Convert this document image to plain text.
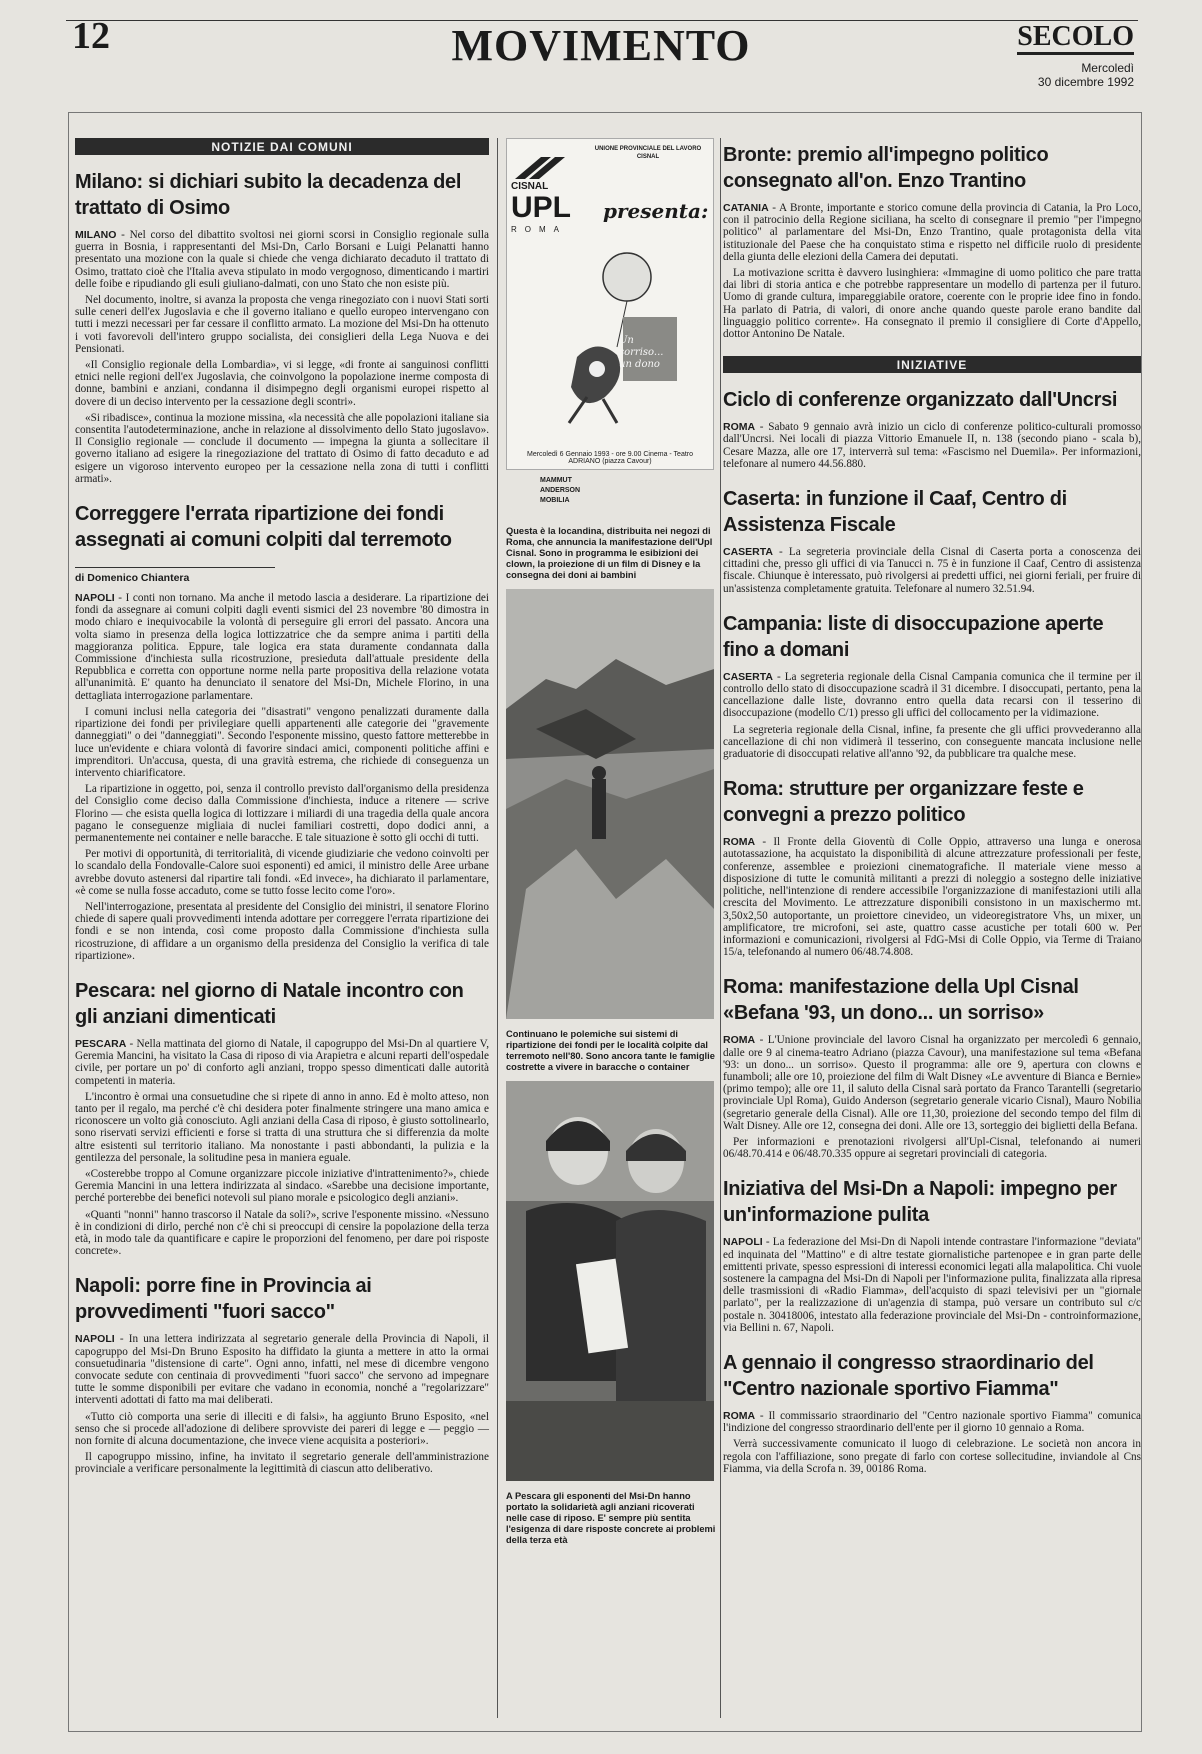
12	MOVIMENTO	SECOLO
Mercoledì
30 dicembre 1992
NOTIZIE DAI COMUNI
Milano: si dichiari subito la decadenza del trattato di Osimo

MILANO - Nel corso del dibattito svoltosi nei giorni scorsi in Consiglio regionale sulla guerra in Bosnia, i rappresentanti del Msi-Dn, Carlo Borsani e Luigi Pelanatti hanno presentato una mozione con la quale si chiede che venga dichiarato decaduto il trattato di Osimo, trattato cioè che l'Italia aveva stipulato in modo vergognoso, dimenticando i martiri delle foibe e ripudiando gli esuli giuliano-dalmati, con uno Stato che non esiste più.

Nel documento, inoltre, si avanza la proposta che venga rinegoziato con i nuovi Stati sorti sulle ceneri dell'ex Jugoslavia e che il governo italiano e quello europeo intervengano con tutti i mezzi necessari per far cessare il conflitto armato. La mozione del Msi-Dn ha ottenuto i voti favorevoli dell'intero gruppo socialista, dei consiglieri della Lega Nuova e dei Pensionati.

«Il Consiglio regionale della Lombardia», vi si legge, «di fronte ai sanguinosi conflitti etnici nelle regioni dell'ex Jugoslavia, che coinvolgono la popolazione inerme composta di donne, bambini e anziani, condanna il disimpegno degli organismi europei rispetto al dovere di un deciso intervento per la cessazione degli scontri».

«Si ribadisce», continua la mozione missina, «la necessità che alle popolazioni italiane sia consentita l'autodeterminazione, anche in relazione al dissolvimento dello Stato jugoslavo». Il Consiglio regionale — conclude il documento — impegna la giunta a sollecitare il governo italiano ad esigere la rinegoziazione del trattato di Osimo di fatto decaduto e ad esigere un vigoroso intervento europeo per la cessazione nella zona di tutti i conflitti armati».

Correggere l'errata ripartizione dei fondi assegnati ai comuni colpiti dal terremoto
di Domenico Chiantera

NAPOLI - I conti non tornano. Ma anche il metodo lascia a desiderare. La ripartizione dei fondi da assegnare ai comuni colpiti dagli eventi sismici del 23 novembre '80 dimostra in modo chiaro e inequivocabile la volontà di perseguire gli errori del passato. Ancora una volta siamo in presenza della logica lottizzatrice che da sempre anima i partiti della maggioranza politica. Eppure, tale logica era stata duramente condannata dalla Commissione d'inchiesta sulla ricostruzione, presieduta dall'attuale presidente della Repubblica e corretta con opportune norme nella parte propositiva della relazione votata all'unanimità. E' quanto ha denunciato il senatore del Msi-Dn, Michele Florino, in una dettagliata interrogazione parlamentare.

I comuni inclusi nella categoria dei "disastrati" vengono penalizzati duramente dalla ripartizione dei fondi per privilegiare quelli appartenenti alle categorie dei "gravemente danneggiati" o dei "danneggiati". Secondo l'esponente missino, questo fattore metterebbe in luce un'evidente e chiara volontà di favorire sindaci amici, componenti politiche affini e imprenditori. Un'accusa, questa, di una gravità estrema, che richiede di conseguenza un intervento chiarificatore.

La ripartizione in oggetto, poi, senza il controllo previsto dall'organismo della presidenza del Consiglio come deciso dalla Commissione d'inchiesta, induce a ritenere — scrive Florino — che esista quella logica di lottizzare i miliardi di una tragedia della quale ancora pagano le conseguenze migliaia di nuclei familiari costretti, dopo dodici anni, a permanentemente nei container e nelle baracche. E tale situazione è sotto gli occhi di tutti.

Per motivi di opportunità, di territorialità, di vicende giudiziarie che vedono coinvolti per lo scandalo della Fondovalle-Calore suoi esponenti) ed amici, il ministro delle Aree urbane avrebbe dovuto astenersi dal ripartire tali fondi. «Ed invece», ha dichiarato il parlamentare, «è come se nulla fosse accaduto, come se tutto fosse lecito come l'oro».

Nell'interrogazione, presentata al presidente del Consiglio dei ministri, il senatore Florino chiede di sapere quali provvedimenti intenda adottare per correggere l'errata ripartizione dei fondi e se non intenda, così come proposto dalla Commissione d'inchiesta sulla ricostruzione, di affidare a un organismo della presidenza del Consiglio la verifica di tale ripartizione».

Pescara: nel giorno di Natale incontro con gli anziani dimenticati

PESCARA - Nella mattinata del giorno di Natale, il capogruppo del Msi-Dn al quartiere V, Geremia Mancini, ha visitato la Casa di riposo di via Arapietra e alcuni reparti dell'ospedale civile, per portare un po' di conforto agli anziani, troppo spesso dimenticati dalle autorità competenti in materia.

L'incontro è ormai una consuetudine che si ripete di anno in anno. Ed è molto atteso, non tanto per il regalo, ma perché c'è chi desidera poter finalmente stringere una mano amica e riconoscere un volto già conosciuto. Agli anziani della Casa di riposo, è giusto sottolinearlo, sono riservati servizi efficienti e forse si tratta di una struttura che si differenzia da molte altre esistenti sul territorio italiano. Ma nonostante i pasti abbondanti, la pulizia e la gentilezza del personale, la solitudine pesa in maniera eguale.

«Costerebbe troppo al Comune organizzare piccole iniziative d'intrattenimento?», chiede Geremia Mancini in una lettera indirizzata al sindaco. «Sarebbe una decisione importante, perché porterebbe dei benefici notevoli sul piano morale e psicologico degli anziani».

«Quanti "nonni" hanno trascorso il Natale da soli?», scrive l'esponente missino. «Nessuno è in condizioni di dirlo, perché non c'è chi si preoccupi di censire la popolazione della terza età, in modo tale da quantificare e capire le proporzioni del fenomeno, per dare poi risposte concrete».

Napoli: porre fine in Provincia ai provvedimenti "fuori sacco"

NAPOLI - In una lettera indirizzata al segretario generale della Provincia di Napoli, il capogruppo del Msi-Dn Bruno Esposito ha diffidato la giunta a mettere in atto la ormai consuetudinaria "distensione di carte". Ogni anno, infatti, nel mese di dicembre vengono convocate sedute con centinaia di provvedimenti "fuori sacco" che servono ad impegnare tutte le somme disponibili per evitare che vadano in economia, nonché a "regolarizzare" interventi adottati di fatto ma mai deliberati.

«Tutto ciò comporta una serie di illeciti e di falsi», ha aggiunto Bruno Esposito, «nel senso che si procede all'adozione di delibere sprovviste dei pareri di legge e — peggio — non fornite di alcuna documentazione, che invece viene acquisita a posteriori».

Il capogruppo missino, infine, ha invitato il segretario generale dell'amministrazione provinciale a verificare personalmente la legittimità di ciascun atto deliberativo.

UNIONE PROVINCIALE DEL LAVORO CISNAL
CISNAL
UPL
ROMA
presenta:
Un sorriso... un dono
Mercoledì 6 Gennaio 1993 - ore 9.00 Cinema - Teatro ADRIANO (piazza Cavour)
MAMMUT
ANDERSON
MOBILIA
Questa è la locandina, distribuita nei negozi di Roma, che annuncia la manifestazione dell'Upl Cisnal. Sono in programma le esibizioni dei clown, la proiezione di un film di Disney e la consegna dei doni ai bambini
Continuano le polemiche sui sistemi di ripartizione dei fondi per le località colpite dal terremoto nell'80. Sono ancora tante le famiglie costrette a vivere in baracche o container
A Pescara gli esponenti del Msi-Dn hanno portato la solidarietà agli anziani ricoverati nelle case di riposo. E' sempre più sentita l'esigenza di dare risposte concrete ai problemi della terza età
Bronte: premio all'impegno politico consegnato all'on. Enzo Trantino

CATANIA - A Bronte, importante e storico comune della provincia di Catania, la Pro Loco, con il patrocinio della Regione siciliana, ha scelto di consegnare il premio "per l'impegno politico" al parlamentare del Msi-Dn, Enzo Trantino, quale protagonista della vita istituzionale del Paese che ha conquistato stima e rispetto nel difficile ruolo di presidente della giunta delle elezioni della Camera dei deputati.

La motivazione scritta è davvero lusinghiera: «Immagine di uomo politico che pare tratta dai libri di storia antica e che potrebbe rappresentare un modello di partenza per il futuro. Uomo di grande cultura, impareggiabile oratore, coerente con le proprie idee fino in fondo. Ha parlato di Patria, di valori, di onore anche quando queste parole erano bandite dal linguaggio politico corrente». Ha consegnato il premio il consigliere di Corte d'Appello, dottor Antonino De Natale.

INIZIATIVE
Ciclo di conferenze organizzato dall'Uncrsi

ROMA - Sabato 9 gennaio avrà inizio un ciclo di conferenze politico-culturali promosso dall'Uncrsi. Nei locali di piazza Vittorio Emanuele II, n. 138 (secondo piano - scala b), Cesare Mazza, alle ore 17, interverrà sul tema: «Fascismo nel Duemila». Per informazioni, telefonare al numero 44.56.880.

Caserta: in funzione il Caaf, Centro di Assistenza Fiscale

CASERTA - La segreteria provinciale della Cisnal di Caserta porta a conoscenza dei cittadini che, presso gli uffici di via Tanucci n. 75 è in funzione il Caaf, Centro di assistenza fiscale. Chiunque è interessato, può rivolgersi ai predetti uffici, nei giorni feriali, per fruire di un'assistenza completamente gratuita. Telefonare al numero 32.51.94.

Campania: liste di disoccupazione aperte fino a domani

CASERTA - La segreteria regionale della Cisnal Campania comunica che il termine per il controllo dello stato di disoccupazione scadrà il 31 dicembre. I disoccupati, pertanto, pena la cancellazione dalle liste, dovranno entro quella data recarsi con il tesserino di disoccupazione (modello C/1) presso gli uffici del collocamento per la vidimazione.

La segreteria regionale della Cisnal, infine, fa presente che gli uffici provvederanno alla cancellazione di chi non vidimerà il tesserino, con conseguente mancata inclusione nelle graduatorie di disoccupati relative all'anno '92, da pubblicare tra qualche mese.

Roma: strutture per organizzare feste e convegni a prezzo politico

ROMA - Il Fronte della Gioventù di Colle Oppio, attraverso una lunga e onerosa autotassazione, ha acquistato la disponibilità di alcune attrezzature professionali per feste, conferenze, assemblee e proiezioni cinematografiche. Il materiale viene messo a disposizione di tutte le comunità militanti a prezzi di noleggio a sostegno delle iniziative politiche, nell'intenzione di rendere accessibile l'organizzazione di manifestazioni utili alla crescita del Movimento. Le attrezzature disponibili consistono in un maxischermo mt. 3,50x2,50 autoportante, un proiettore cinevideo, un videoregistratore Vhs, un mixer, un amplificatore, tre microfoni, sei aste, quattro casse acustiche per totali 600 w. Per informazioni e comunicazioni, rivolgersi al FdG-Msi di Colle Oppio, via Terme di Traiano 15/a, telefonando al numero 06/48.74.808.

Roma: manifestazione della Upl Cisnal «Befana '93, un dono... un sorriso»

ROMA - L'Unione provinciale del lavoro Cisnal ha organizzato per mercoledì 6 gennaio, dalle ore 9 al cinema-teatro Adriano (piazza Cavour), una manifestazione sul tema «Befana '93: un dono... un sorriso». Questo il programma: alle ore 9, apertura con clowns e funamboli; alle ore 10, proiezione del film di Walt Disney «Le avventure di Bianca e Bernie» (primo tempo); alle ore 11, il saluto della Cisnal sarà portato da Franco Tarantelli (segretario provinciale Upl Roma), Guido Anderson (segretario generale vicario Cisnal), Mauro Nobilia (segretario generale della Cisnal). Alle ore 11,30, proiezione del secondo tempo del film di Walt Disney. Alle ore 12, consegna dei doni. Alle ore 13, sorteggio dei biglietti della Befana.

Per informazioni e prenotazioni rivolgersi all'Upl-Cisnal, telefonando ai numeri 06/48.70.414 e 06/48.70.335 oppure ai segretari provinciali di categoria.

Iniziativa del Msi-Dn a Napoli: impegno per un'informazione pulita

NAPOLI - La federazione del Msi-Dn di Napoli intende contrastare l'informazione "deviata" ed inquinata del "Mattino" e di altre testate giornalistiche partenopee e in gran parte delle emittenti private, spesso espressioni di interessi economici legati alla malapolitica. Chi vuole sostenere la campagna del Msi-Dn di Napoli per l'informazione pulita, finalizzata alla ripresa delle trasmissioni di «Radio Fiamma», dell'acquisto di spazi televisivi per un "giornale parlato", per la realizzazione di un'agenzia di stampa, può versare un contributo sul c/c postale n. 30418006, intestato alla federazione provinciale del Msi-Dn - controinformazione, via Bellini n. 67, Napoli.

A gennaio il congresso straordinario del "Centro nazionale sportivo Fiamma"

ROMA - Il commissario straordinario del "Centro nazionale sportivo Fiamma" comunica l'indizione del congresso straordinario dell'ente per il giorno 10 gennaio a Roma.

Verrà successivamente comunicato il luogo di celebrazione. Le società non ancora in regola con l'affiliazione, sono pregate di farlo con cortese sollecitudine, inviandole al Cns Fiamma, via della Scrofa n. 39, 00186 Roma.
